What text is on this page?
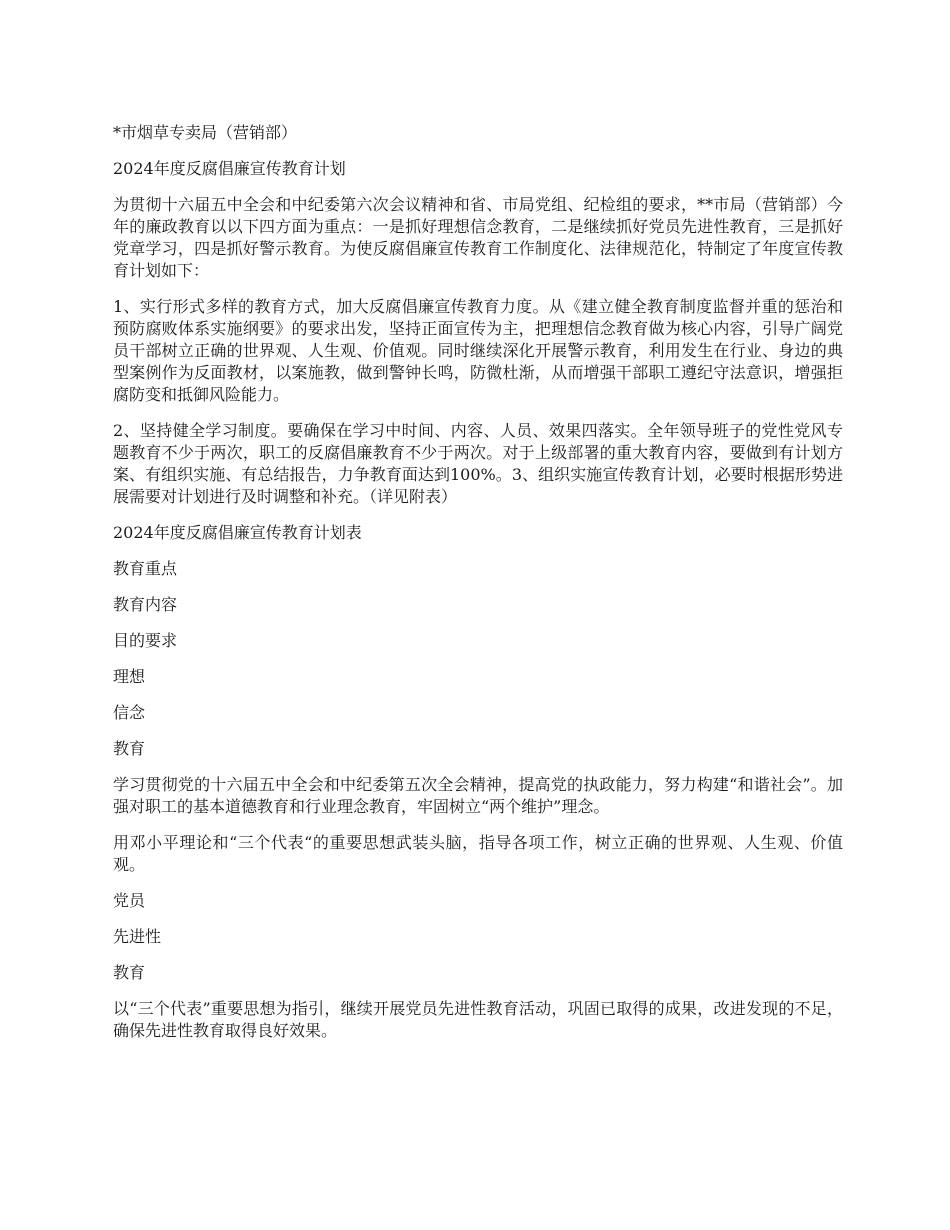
*市烟草专卖局（营销部）

2024年度反腐倡廉宣传教育计划

为贯彻十六届五中全会和中纪委第六次会议精神和省、市局党组、纪检组的要求，**市局（营销部）今年的廉政教育以以下四方面为重点：一是抓好理想信念教育，二是继续抓好党员先进性教育，三是抓好党章学习，四是抓好警示教育。为使反腐倡廉宣传教育工作制度化、法律规范化，特制定了年度宣传教育计划如下：

1、实行形式多样的教育方式，加大反腐倡廉宣传教育力度。从《建立健全教育制度监督并重的惩治和预防腐败体系实施纲要》的要求出发，坚持正面宣传为主，把理想信念教育做为核心内容，引导广阔党员干部树立正确的世界观、人生观、价值观。同时继续深化开展警示教育，利用发生在行业、身边的典型案例作为反面教材，以案施教，做到警钟长鸣，防微杜渐，从而增强干部职工遵纪守法意识，增强拒腐防变和抵御风险能力。

2、坚持健全学习制度。要确保在学习中时间、内容、人员、效果四落实。全年领导班子的党性党风专题教育不少于两次，职工的反腐倡廉教育不少于两次。对于上级部署的重大教育内容，要做到有计划方案、有组织实施、有总结报告，力争教育面达到100%。3、组织实施宣传教育计划，必要时根据形势进展需要对计划进行及时调整和补充。（详见附表）

2024年度反腐倡廉宣传教育计划表

教育重点

教育内容

目的要求

理想

信念

教育

学习贯彻党的十六届五中全会和中纪委第五次全会精神，提高党的执政能力，努力构建“和谐社会”。加强对职工的基本道德教育和行业理念教育，牢固树立“两个维护”理念。

用邓小平理论和“三个代表“的重要思想武装头脑，指导各项工作，树立正确的世界观、人生观、价值观。

党员

先进性

教育

以“三个代表”重要思想为指引，继续开展党员先进性教育活动，巩固已取得的成果，改进发现的不足，确保先进性教育取得良好效果。
